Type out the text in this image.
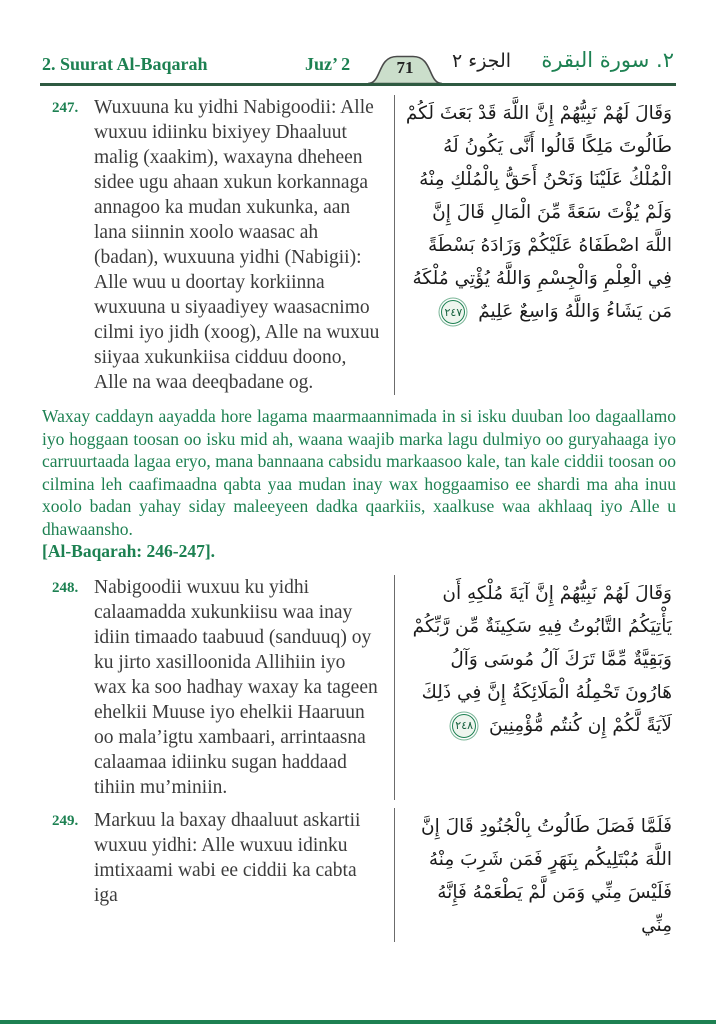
2. Suurat Al-Baqarah	Juz’ 2	71	الجزء ٢ ٢. سورة البقرة
247. Wuxuuna ku yidhi Nabigoodii: Alle wuxuu idiinku bixiyey Dhaaluut malig (xaakim), waxayna dheheen sidee ugu ahaan xukun korkannaga annagoo ka mudan xukunka, aan lana siinnin xoolo waasac ah (badan), wuxuuna yidhi (Nabigii): Alle wuu u doortay korkiinna wuxuuna u siyaadiyey waasacnimo cilmi iyo jidh (xoog), Alle na wuxuu siiyaa xukunkiisa cidduu doono, Alle na waa deeqbadane og.
وَقَالَ لَهُمْ نَبِيُّهُمْ إِنَّ اللَّهَ قَدْ بَعَثَ لَكُمْ طَالُوتَ مَلِكًا قَالُوا أَنَّى يَكُونُ لَهُ الْمُلْكُ عَلَيْنَا وَنَحْنُ أَحَقُّ بِالْمُلْكِ مِنْهُ وَلَمْ يُؤْتَ سَعَةً مِّنَ الْمَالِ قَالَ إِنَّ اللَّهَ اصْطَفَاهُ عَلَيْكُمْ وَزَادَهُ بَسْطَةً فِي الْعِلْمِ وَالْجِسْمِ وَاللَّهُ يُؤْتِي مُلْكَهُ مَن يَشَاءُ وَاللَّهُ وَاسِعٌ عَلِيمٌ ٢٤٧
Waxay caddayn aayadda hore lagama maarmaannimada in si isku duuban loo dagaallamo iyo hoggaan toosan oo isku mid ah, waana waajib marka lagu dulmiyo oo guryahaaga iyo carruurtaada lagaa eryo, mana bannaana cabsidu markaasoo kale, tan kale ciddii toosan oo cilmina leh caafimaadna qabta yaa mudan inay wax hoggaamiso ee shardi ma aha inuu xoolo badan yahay siday maleeyeen dadka qaarkiis, xaalkuse waa akhlaaq iyo Alle u dhawaansho.
[Al-Baqarah: 246-247].
248. Nabigoodii wuxuu ku yidhi calaamadda xukunkiisu waa inay idiin timaado taabuud (sanduuq) oy ku jirto xasilloonida Allihiin iyo wax ka soo hadhay waxay ka tageen ehelkii Muuse iyo ehelkii Haaruun oo mala’igtu xambaari, arrintaasna calaamaa idiinku sugan haddaad tihiin mu’miniin.
وَقَالَ لَهُمْ نَبِيُّهُمْ إِنَّ آيَةَ مُلْكِهِ أَن يَأْتِيَكُمُ التَّابُوتُ فِيهِ سَكِينَةٌ مِّن رَّبِّكُمْ وَبَقِيَّةٌ مِّمَّا تَرَكَ آلُ مُوسَى وَآلُ هَارُونَ تَحْمِلُهُ الْمَلَائِكَةُ إِنَّ فِي ذَلِكَ لَآيَةً لَّكُمْ إِن كُنتُم مُّؤْمِنِينَ ٢٤٨
249. Markuu la baxay dhaaluut askartii wuxuu yidhi: Alle wuxuu idinku imtixaami wabi ee ciddii ka cabta iga
فَلَمَّا فَصَلَ طَالُوتُ بِالْجُنُودِ قَالَ إِنَّ اللَّهَ مُبْتَلِيكُم بِنَهَرٍ فَمَن شَرِبَ مِنْهُ فَلَيْسَ مِنِّي وَمَن لَّمْ يَطْعَمْهُ فَإِنَّهُ مِنِّي
